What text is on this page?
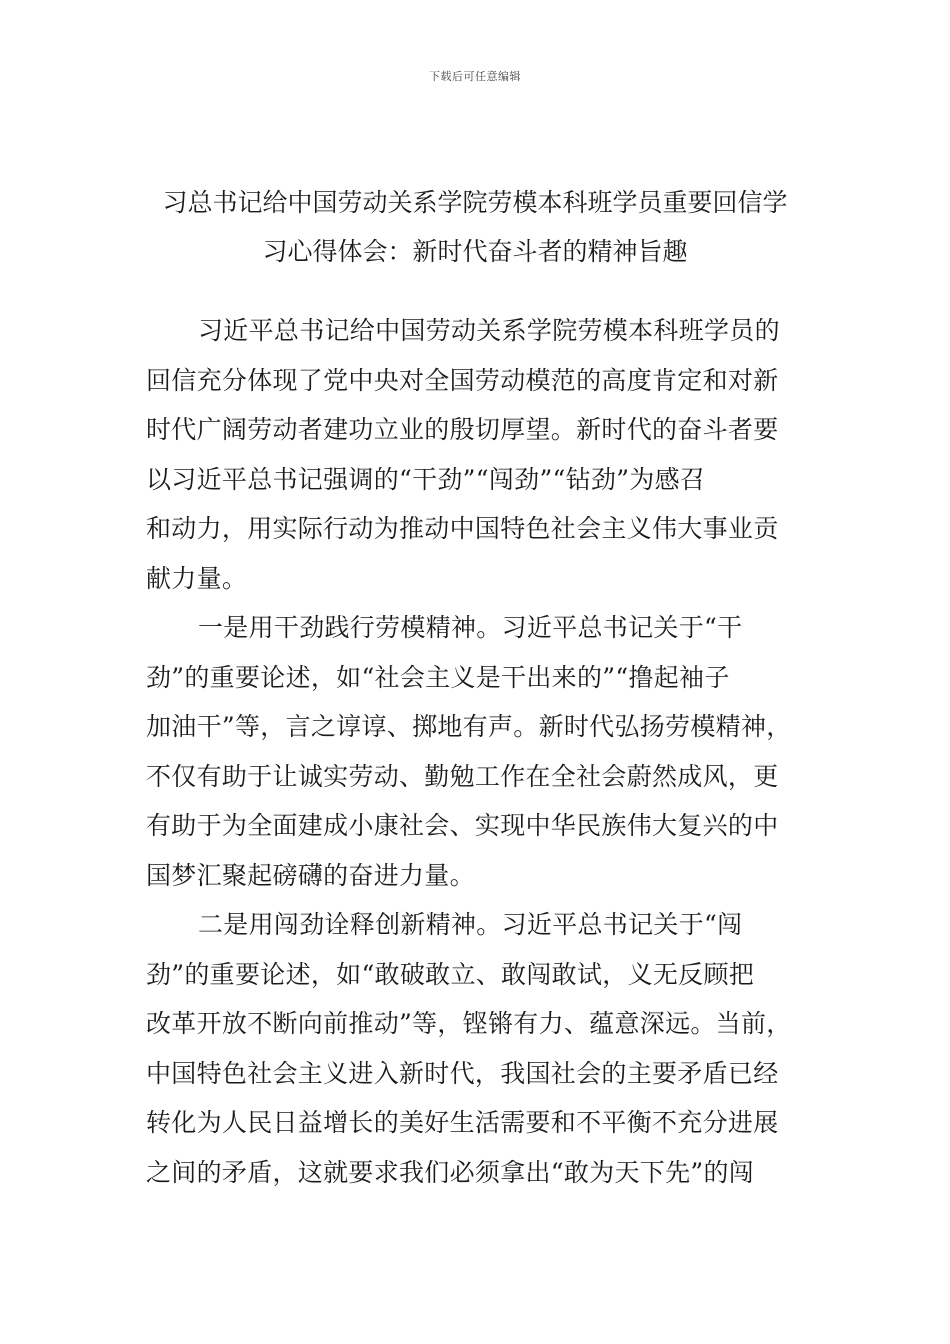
下载后可任意编辑
习总书记给中国劳动关系学院劳模本科班学员重要回信学
习心得体会：新时代奋斗者的精神旨趣
习近平总书记给中国劳动关系学院劳模本科班学员的
回信充分体现了党中央对全国劳动模范的高度肯定和对新
时代广阔劳动者建功立业的殷切厚望。新时代的奋斗者要
以习近平总书记强调的“干劲”“闯劲”“钻劲”为感召
和动力，用实际行动为推动中国特色社会主义伟大事业贡
献力量。
一是用干劲践行劳模精神。习近平总书记关于“干
劲”的重要论述，如“社会主义是干出来的”“撸起袖子
加油干”等，言之谆谆、掷地有声。新时代弘扬劳模精神，
不仅有助于让诚实劳动、勤勉工作在全社会蔚然成风，更
有助于为全面建成小康社会、实现中华民族伟大复兴的中
国梦汇聚起磅礴的奋进力量。
二是用闯劲诠释创新精神。习近平总书记关于“闯
劲”的重要论述，如“敢破敢立、敢闯敢试，义无反顾把
改革开放不断向前推动”等，铿锵有力、蕴意深远。当前，
中国特色社会主义进入新时代，我国社会的主要矛盾已经
转化为人民日益增长的美好生活需要和不平衡不充分进展
之间的矛盾，这就要求我们必须拿出“敢为天下先”的闯
